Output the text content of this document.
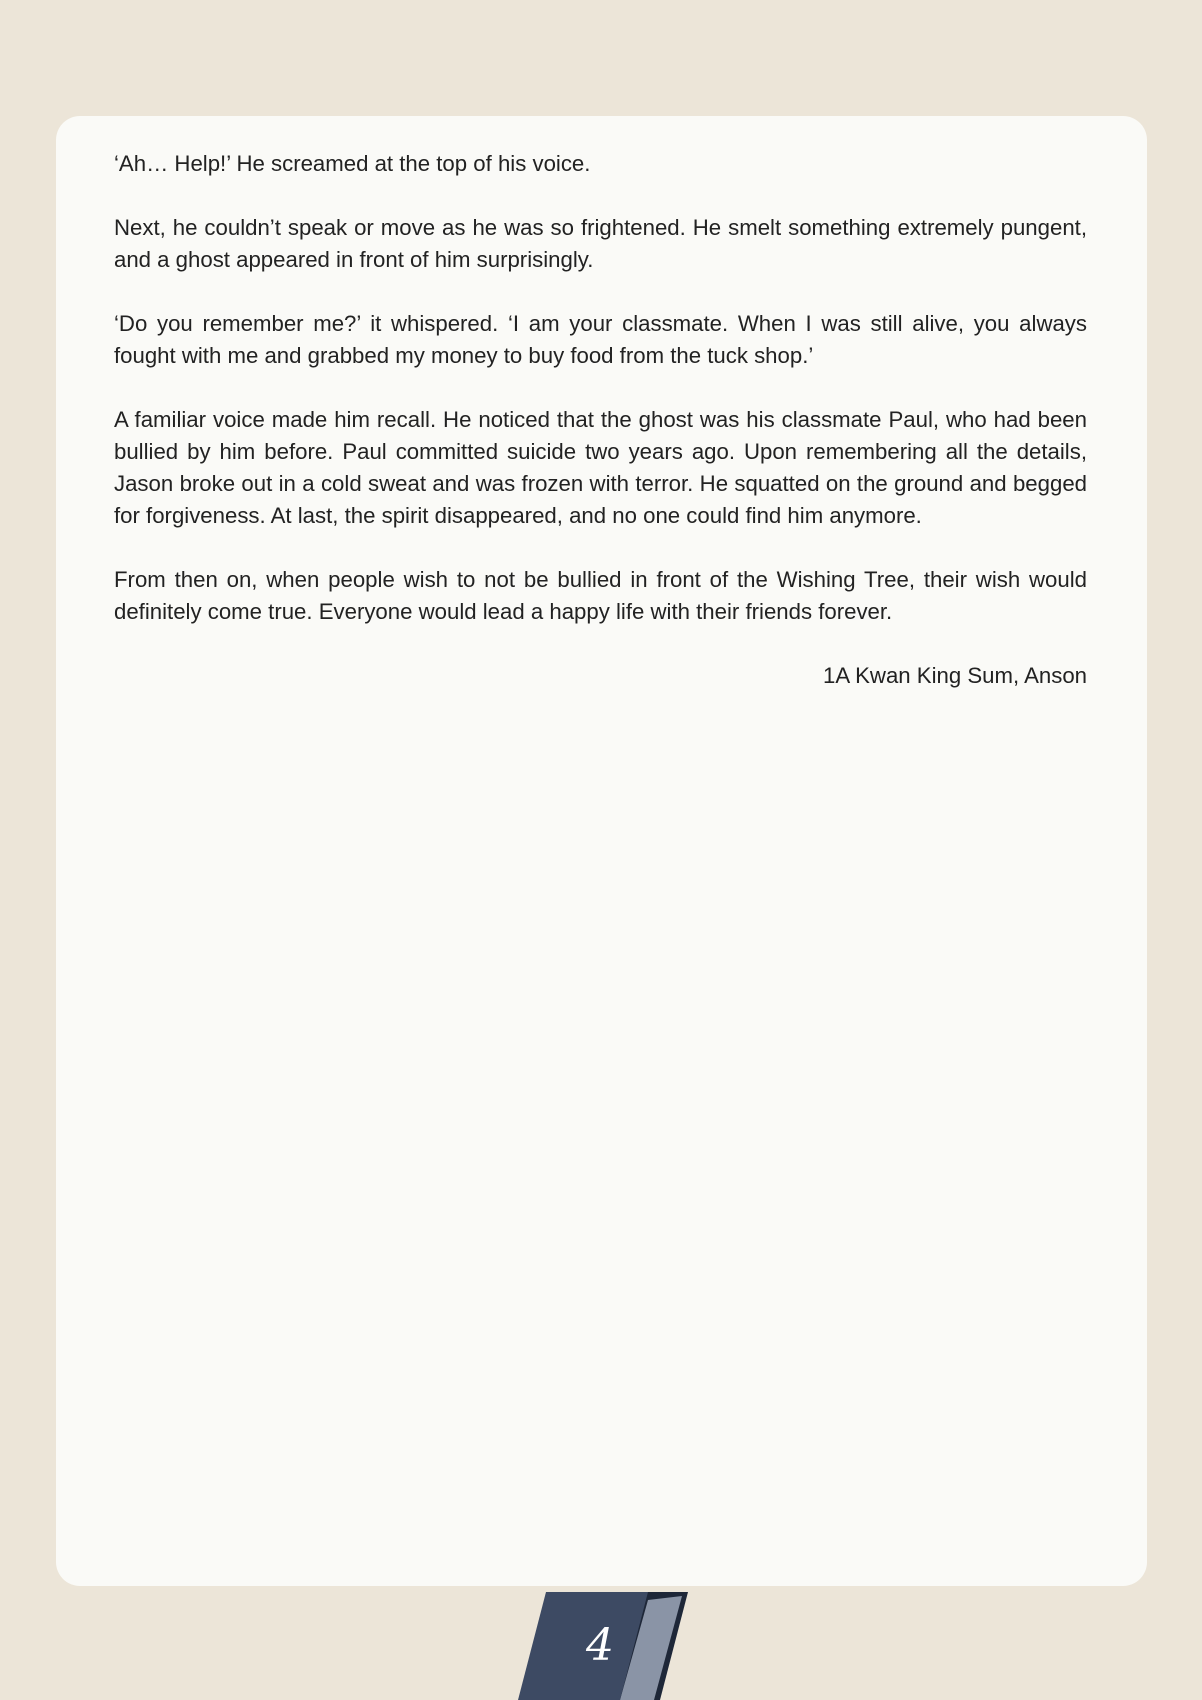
‘Ah… Help!’ He screamed at the top of his voice.

Next, he couldn’t speak or move as he was so frightened. He smelt something extremely pungent, and a ghost appeared in front of him surprisingly.

‘Do you remember me?’ it whispered. ‘I am your classmate. When I was still alive, you always fought with me and grabbed my money to buy food from the tuck shop.’

A familiar voice made him recall. He noticed that the ghost was his classmate Paul, who had been bullied by him before. Paul committed suicide two years ago. Upon remembering all the details, Jason broke out in a cold sweat and was frozen with terror. He squatted on the ground and begged for forgiveness. At last, the spirit disappeared, and no one could find him anymore.

From then on, when people wish to not be bullied in front of the Wishing Tree, their wish would definitely come true. Everyone would lead a happy life with their friends forever.

1A Kwan King Sum, Anson

4
